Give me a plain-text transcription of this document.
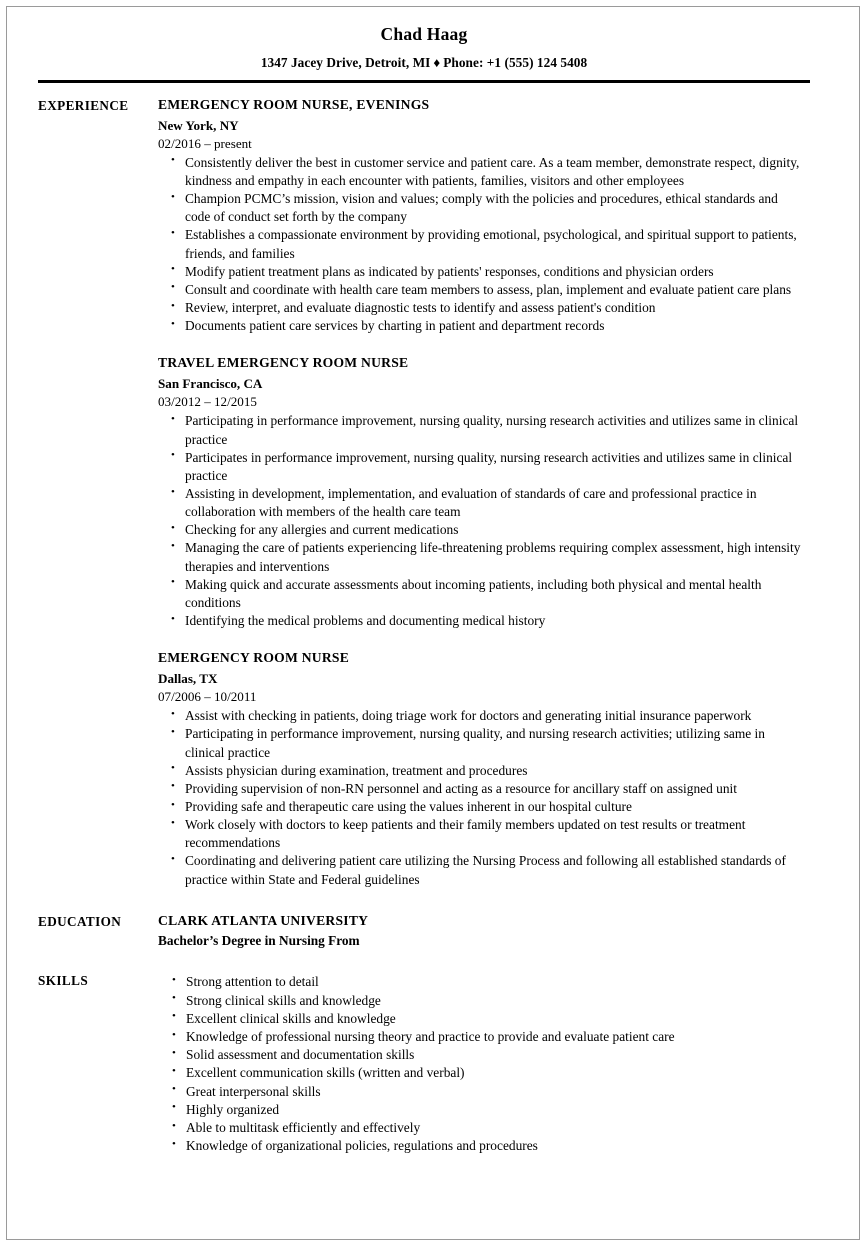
Chad Haag
1347 Jacey Drive, Detroit, MI ♦ Phone: +1 (555) 124 5408
EXPERIENCE	EMERGENCY ROOM NURSE, EVENINGS
New York, NY
02/2016 – present
• Consistently deliver the best in customer service and patient care. As a team member, demonstrate respect, dignity, kindness and empathy in each encounter with patients, families, visitors and other employees
• Champion PCMC’s mission, vision and values; comply with the policies and procedures, ethical standards and code of conduct set forth by the company
• Establishes a compassionate environment by providing emotional, psychological, and spiritual support to patients, friends, and families
• Modify patient treatment plans as indicated by patients' responses, conditions and physician orders
• Consult and coordinate with health care team members to assess, plan, implement and evaluate patient care plans
• Review, interpret, and evaluate diagnostic tests to identify and assess patient's condition
• Documents patient care services by charting in patient and department records
TRAVEL EMERGENCY ROOM NURSE
San Francisco, CA
03/2012 – 12/2015
• Participating in performance improvement, nursing quality, nursing research activities and utilizes same in clinical practice
• Participates in performance improvement, nursing quality, nursing research activities and utilizes same in clinical practice
• Assisting in development, implementation, and evaluation of standards of care and professional practice in collaboration with members of the health care team
• Checking for any allergies and current medications
• Managing the care of patients experiencing life-threatening problems requiring complex assessment, high intensity therapies and interventions
• Making quick and accurate assessments about incoming patients, including both physical and mental health conditions
• Identifying the medical problems and documenting medical history
EMERGENCY ROOM NURSE
Dallas, TX
07/2006 – 10/2011
• Assist with checking in patients, doing triage work for doctors and generating initial insurance paperwork
• Participating in performance improvement, nursing quality, and nursing research activities; utilizing same in clinical practice
• Assists physician during examination, treatment and procedures
• Providing supervision of non-RN personnel and acting as a resource for ancillary staff on assigned unit
• Providing safe and therapeutic care using the values inherent in our hospital culture
• Work closely with doctors to keep patients and their family members updated on test results or treatment recommendations
• Coordinating and delivering patient care utilizing the Nursing Process and following all established standards of practice within State and Federal guidelines
EDUCATION	CLARK ATLANTA UNIVERSITY
Bachelor’s Degree in Nursing From
SKILLS	• Strong attention to detail
• Strong clinical skills and knowledge
• Excellent clinical skills and knowledge
• Knowledge of professional nursing theory and practice to provide and evaluate patient care
• Solid assessment and documentation skills
• Excellent communication skills (written and verbal)
• Great interpersonal skills
• Highly organized
• Able to multitask efficiently and effectively
• Knowledge of organizational policies, regulations and procedures
